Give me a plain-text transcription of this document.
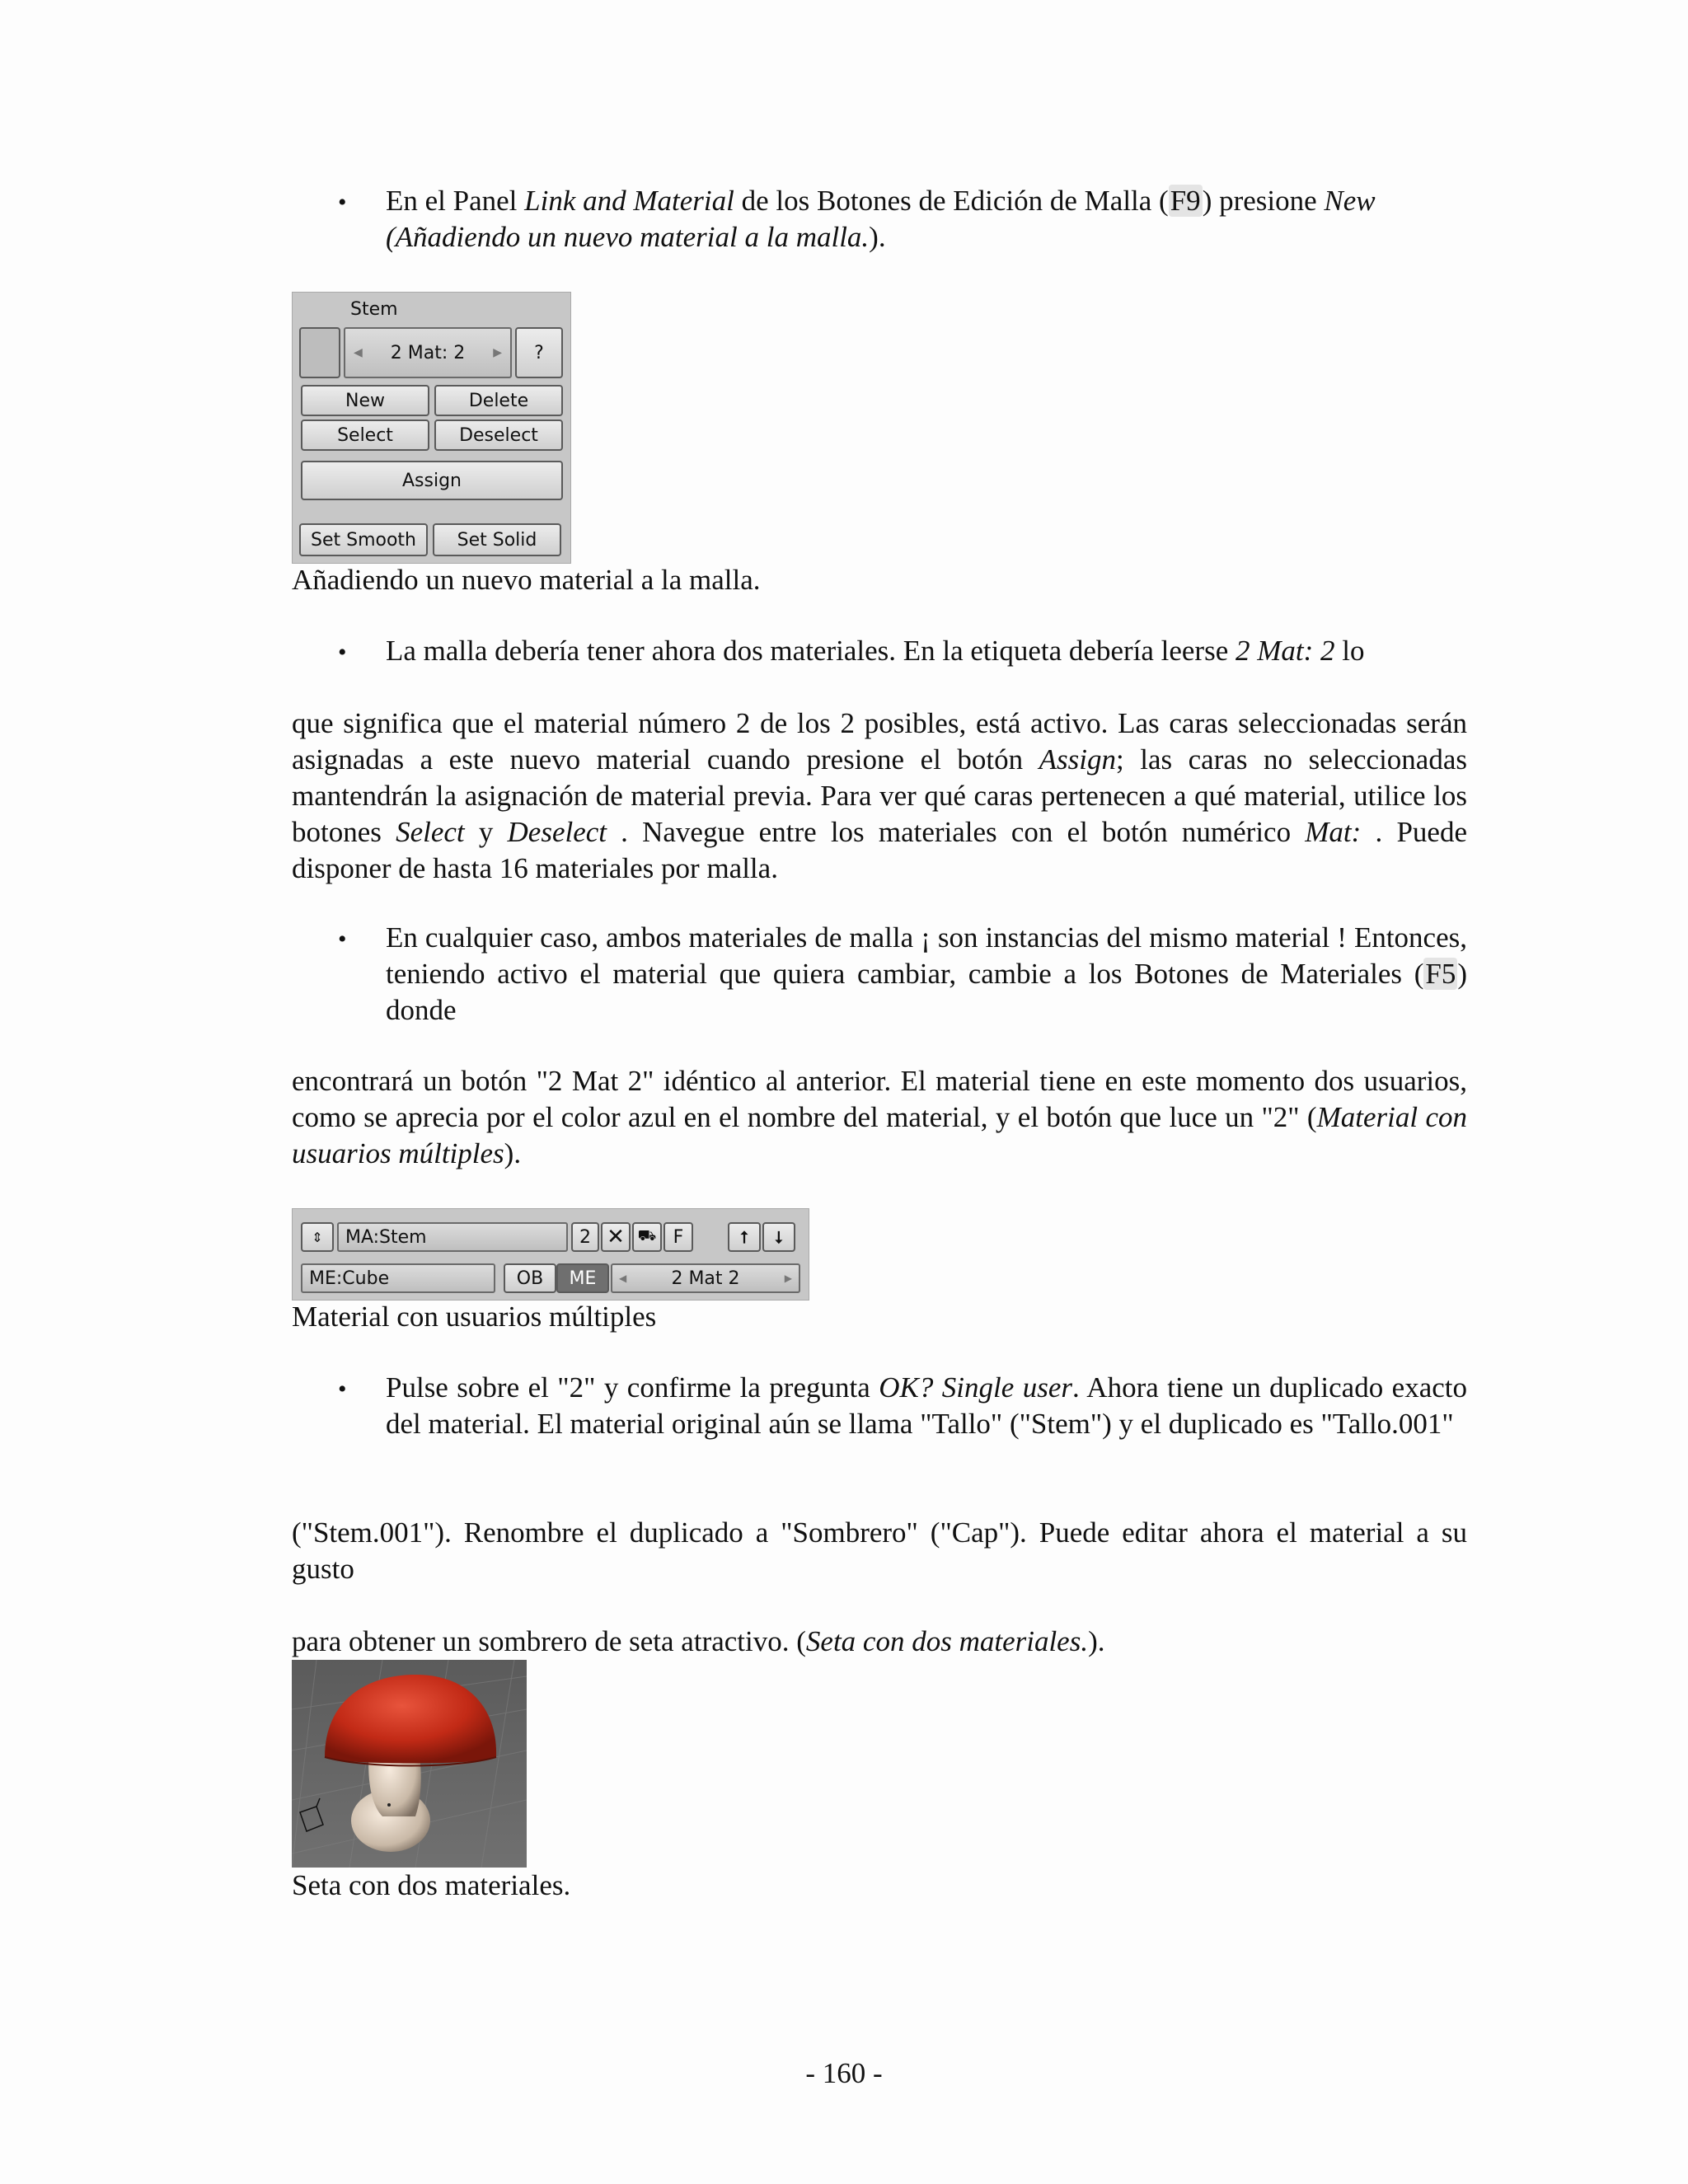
• En el Panel Link and Material de los Botones de Edición de Malla (F9) presione New
(Añadiendo un nuevo material a la malla.).
Stem
◀ 2 Mat: 2 ▶	?
New	Delete
Select	Deselect
Assign
Set Smooth	Set Solid
Añadiendo un nuevo material a la malla.
• La malla debería tener ahora dos materiales. En la etiqueta debería leerse 2 Mat: 2 lo
que significa que el material número 2 de los 2 posibles, está activo. Las caras seleccionadas serán asignadas a este nuevo material cuando presione el botón Assign; las caras no seleccionadas mantendrán la asignación de material previa. Para ver qué caras pertenecen a qué material, utilice los botones Select y Deselect . Navegue entre los materiales con el botón numérico Mat: . Puede disponer de hasta 16 materiales por malla.
• En cualquier caso, ambos materiales de malla ¡ son instancias del mismo material ! Entonces, teniendo activo el material que quiera cambiar, cambie a los Botones de Materiales (F5) donde
encontrará un botón "2 Mat 2" idéntico al anterior. El material tiene en este momento dos usuarios, como se aprecia por el color azul en el nombre del material, y el botón que luce un "2" (Material con usuarios múltiples).
⇕	MA:Stem	2 ✕ ⛟ F	⭡	⭣
ME:Cube	OB	ME	◀ 2 Mat 2	▶
Material con usuarios múltiples
• Pulse sobre el "2" y confirme la pregunta OK? Single user. Ahora tiene un duplicado exacto del material. El material original aún se llama "Tallo" ("Stem") y el duplicado es "Tallo.001"
("Stem.001"). Renombre el duplicado a "Sombrero" ("Cap"). Puede editar ahora el material a su gusto
para obtener un sombrero de seta atractivo. (Seta con dos materiales.).
Seta con dos materiales.
- 160 -
